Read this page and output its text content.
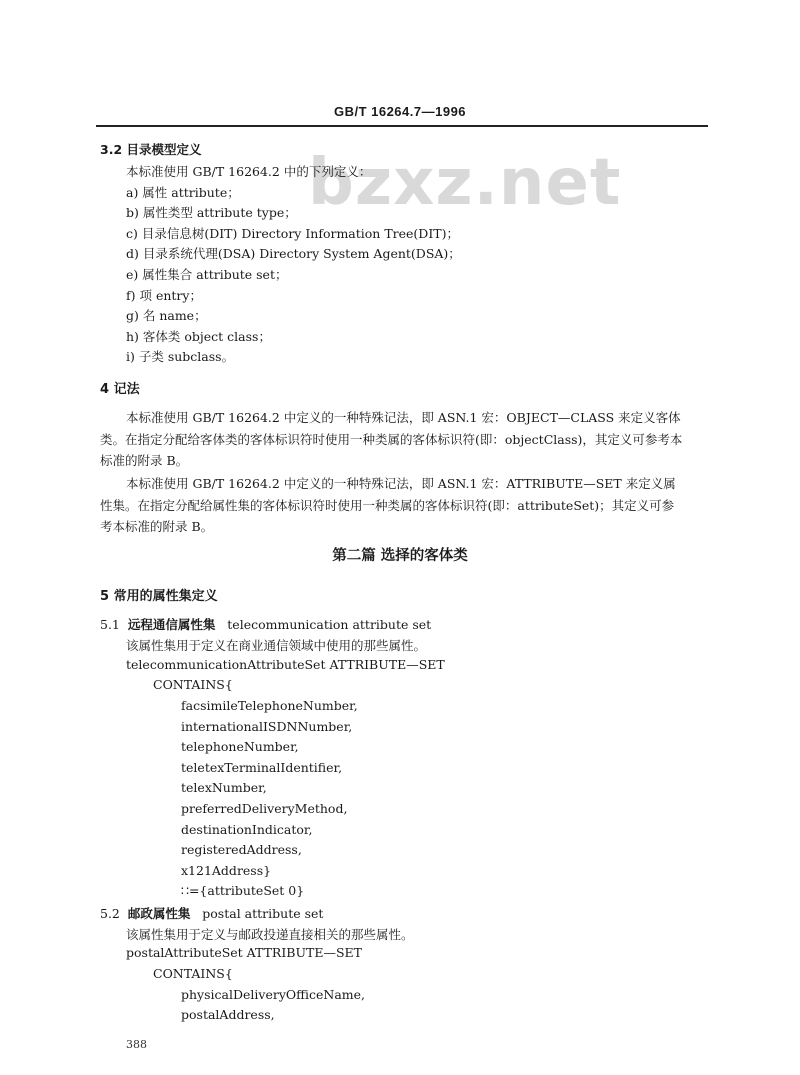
GB/T 16264.7—1996
bzxz.net
3.2 目录模型定义
本标准使用 GB/T 16264.2 中的下列定义：
a) 属性 attribute；
b) 属性类型 attribute type；
c) 目录信息树(DIT) Directory Information Tree(DIT)；
d) 目录系统代理(DSA) Directory System Agent(DSA)；
e) 属性集合 attribute set；
f) 项 entry；
g) 名 name；
h) 客体类 object class；
i) 子类 subclass。
4 记法
本标准使用 GB/T 16264.2 中定义的一种特殊记法，即 ASN.1 宏：OBJECT—CLASS 来定义客体
类。在指定分配给客体类的客体标识符时使用一种类属的客体标识符(即：objectClass)，其定义可参考本
标准的附录 B。
本标准使用 GB/T 16264.2 中定义的一种特殊记法，即 ASN.1 宏：ATTRIBUTE—SET 来定义属
性集。在指定分配给属性集的客体标识符时使用一种类属的客体标识符(即：attributeSet)；其定义可参
考本标准的附录 B。
第二篇 选择的客体类
5 常用的属性集定义
5.1 远程通信属性集 telecommunication attribute set
该属性集用于定义在商业通信领域中使用的那些属性。
telecommunicationAttributeSet ATTRIBUTE—SET
CONTAINS{
facsimileTelephoneNumber,
internationalISDNNumber,
telephoneNumber,
teletexTerminalIdentifier,
telexNumber,
preferredDeliveryMethod,
destinationIndicator,
registeredAddress,
x121Address}
∷={attributeSet 0}
5.2 邮政属性集 postal attribute set
该属性集用于定义与邮政投递直接相关的那些属性。
postalAttributeSet ATTRIBUTE—SET
CONTAINS{
physicalDeliveryOfficeName,
postalAddress,
388
